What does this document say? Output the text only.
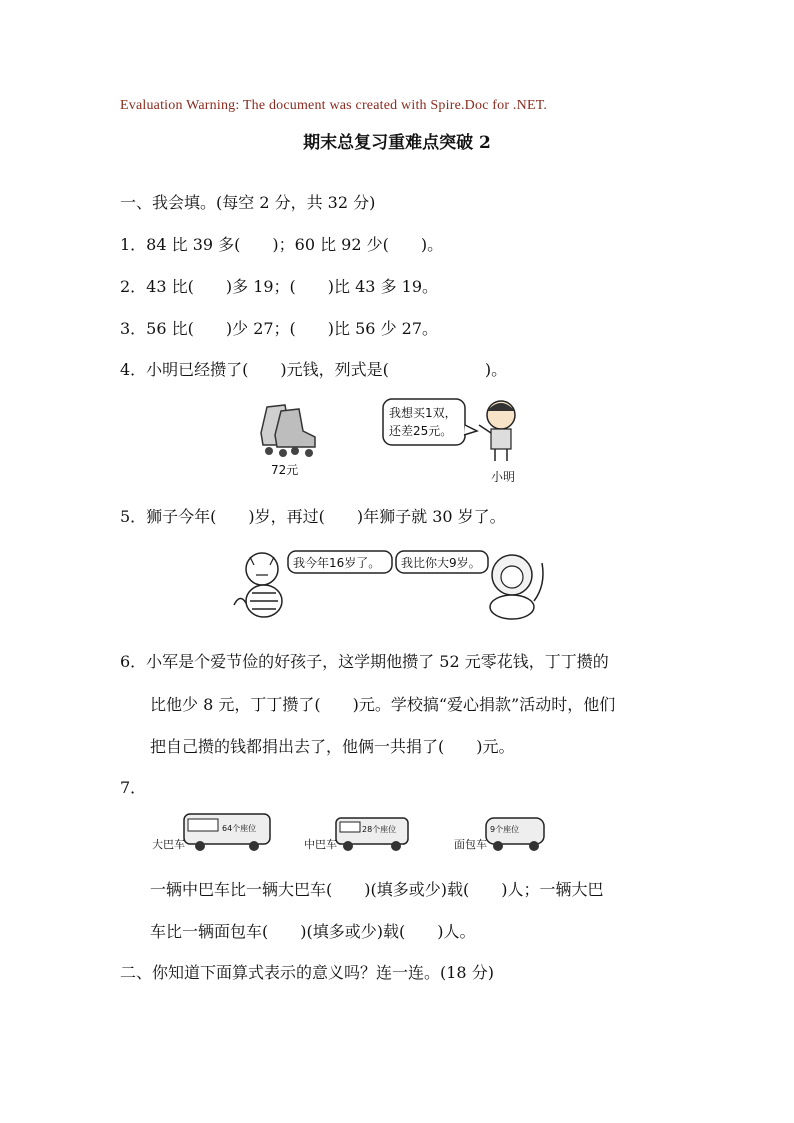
Evaluation Warning: The document was created with Spire.Doc for .NET.
期末总复习重难点突破 2
一、我会填。(每空 2 分，共 32 分)
1．84 比 39 多(　　)；60 比 92 少(　　)。
2．43 比(　　)多 19；(　　)比 43 多 19。
3．56 比(　　)少 27；(　　)比 56 少 27。
4．小明已经攒了(　　)元钱，列式是(　　　　　　)。
72元
我想买1双，
还差25元。
小明
5．狮子今年(　　)岁，再过(　　)年狮子就 30 岁了。
我今年16岁了。 我比你大9岁。
6．小军是个爱节俭的好孩子，这学期他攒了 52 元零花钱，丁丁攒的
比他少 8 元，丁丁攒了(　　)元。学校搞“爱心捐款”活动时，他们
把自己攒的钱都捐出去了，他俩一共捐了(　　)元。
7．
64个座位
大巴车
28个座位
中巴车
9个座位
面包车
一辆中巴车比一辆大巴车(　　)(填多或少)载(　　)人；一辆大巴
车比一辆面包车(　　)(填多或少)载(　　)人。
二、你知道下面算式表示的意义吗？连一连。(18 分)
